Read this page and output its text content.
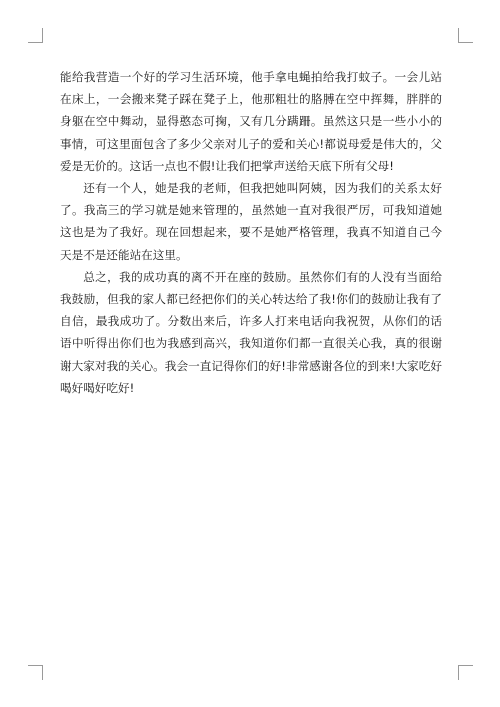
能给我营造一个好的学习生活环境，他手拿电蝇拍给我打蚊子。一会儿站在床上，一会搬来凳子踩在凳子上，他那粗壮的胳膊在空中挥舞，胖胖的身躯在空中舞动，显得憨态可掬，又有几分蹒跚。虽然这只是一些小小的事情，可这里面包含了多少父亲对儿子的爱和关心!都说母爱是伟大的，父爱是无价的。这话一点也不假!让我们把掌声送给天底下所有父母!

还有一个人，她是我的老师，但我把她叫阿姨，因为我们的关系太好了。我高三的学习就是她来管理的，虽然她一直对我很严厉，可我知道她这也是为了我好。现在回想起来，要不是她严格管理，我真不知道自己今天是不是还能站在这里。

总之，我的成功真的离不开在座的鼓励。虽然你们有的人没有当面给我鼓励，但我的家人都已经把你们的关心转达给了我!你们的鼓励让我有了自信，最我成功了。分数出来后，许多人打来电话向我祝贺，从你们的话语中听得出你们也为我感到高兴，我知道你们都一直很关心我，真的很谢谢大家对我的关心。我会一直记得你们的好!非常感谢各位的到来!大家吃好喝好喝好吃好!
